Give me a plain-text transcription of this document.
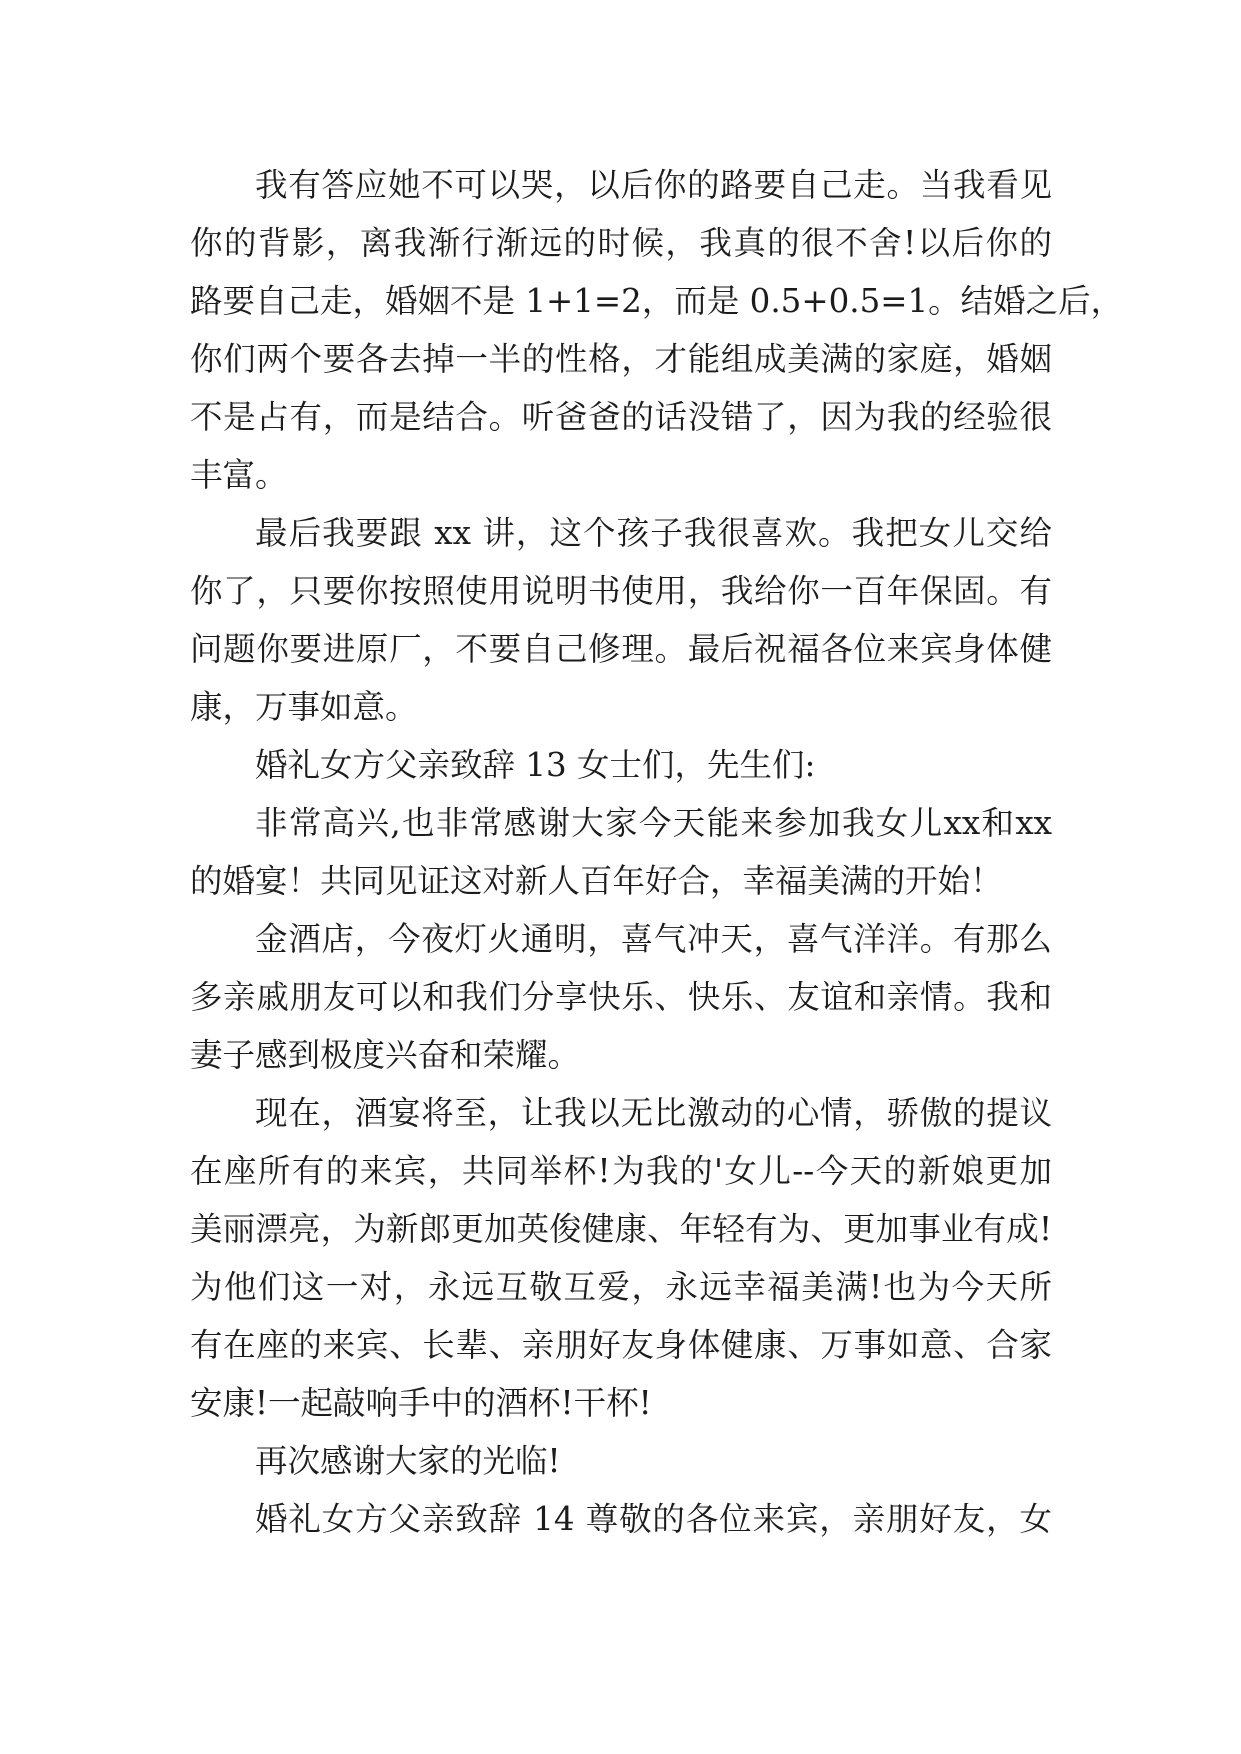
我有答应她不可以哭，以后你的路要自己走。当我看见
你的背影，离我渐行渐远的时候，我真的很不舍!以后你的
路要自己走，婚姻不是 1+1=2，而是 0.5+0.5=1。结婚之后，
你们两个要各去掉一半的性格，才能组成美满的家庭，婚姻
不是占有，而是结合。听爸爸的话没错了，因为我的经验很
丰富。
最后我要跟 xx 讲，这个孩子我很喜欢。我把女儿交给
你了，只要你按照使用说明书使用，我给你一百年保固。有
问题你要进原厂，不要自己修理。最后祝福各位来宾身体健
康，万事如意。
婚礼女方父亲致辞 13 女士们，先生们:
非常高兴,也非常感谢大家今天能来参加我女儿xx和xx
的婚宴！共同见证这对新人百年好合，幸福美满的开始！
金酒店，今夜灯火通明，喜气冲天，喜气洋洋。有那么
多亲戚朋友可以和我们分享快乐、快乐、友谊和亲情。我和
妻子感到极度兴奋和荣耀。
现在，酒宴将至，让我以无比激动的心情，骄傲的提议
在座所有的来宾，共同举杯!为我的'女儿--今天的新娘更加
美丽漂亮，为新郎更加英俊健康、年轻有为、更加事业有成!
为他们这一对，永远互敬互爱，永远幸福美满!也为今天所
有在座的来宾、长辈、亲朋好友身体健康、万事如意、合家
安康!一起敲响手中的酒杯!干杯!
再次感谢大家的光临!
婚礼女方父亲致辞 14 尊敬的各位来宾，亲朋好友，女
